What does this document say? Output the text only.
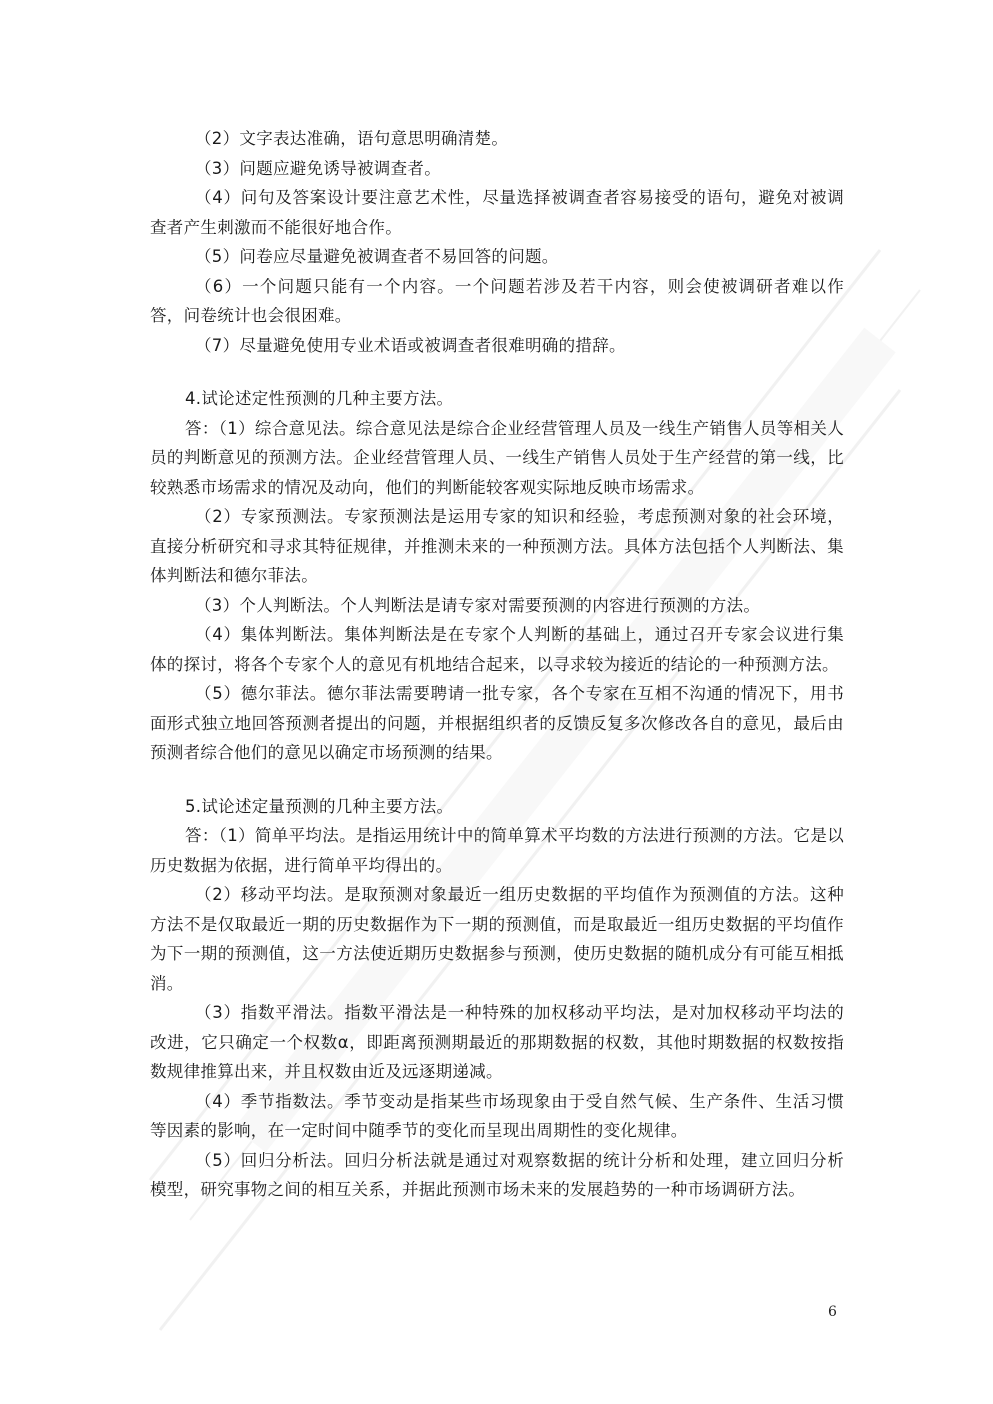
（2）文字表达准确，语句意思明确清楚。

（3）问题应避免诱导被调查者。

（4）问句及答案设计要注意艺术性，尽量选择被调查者容易接受的语句，避免对被调查者产生刺激而不能很好地合作。

（5）问卷应尽量避免被调查者不易回答的问题。

（6）一个问题只能有一个内容。一个问题若涉及若干内容，则会使被调研者难以作答，问卷统计也会很困难。

（7）尽量避免使用专业术语或被调查者很难明确的措辞。

4.试论述定性预测的几种主要方法。

答：（1）综合意见法。综合意见法是综合企业经营管理人员及一线生产销售人员等相关人员的判断意见的预测方法。企业经营管理人员、一线生产销售人员处于生产经营的第一线，比较熟悉市场需求的情况及动向，他们的判断能较客观实际地反映市场需求。

（2）专家预测法。专家预测法是运用专家的知识和经验，考虑预测对象的社会环境，直接分析研究和寻求其特征规律，并推测未来的一种预测方法。具体方法包括个人判断法、集体判断法和德尔菲法。

（3）个人判断法。个人判断法是请专家对需要预测的内容进行预测的方法。

（4）集体判断法。集体判断法是在专家个人判断的基础上，通过召开专家会议进行集体的探讨，将各个专家个人的意见有机地结合起来，以寻求较为接近的结论的一种预测方法。

（5）德尔菲法。德尔菲法需要聘请一批专家，各个专家在互相不沟通的情况下，用书面形式独立地回答预测者提出的问题，并根据组织者的反馈反复多次修改各自的意见，最后由预测者综合他们的意见以确定市场预测的结果。

5.试论述定量预测的几种主要方法。

答：（1）简单平均法。是指运用统计中的简单算术平均数的方法进行预测的方法。它是以历史数据为依据，进行简单平均得出的。

（2）移动平均法。是取预测对象最近一组历史数据的平均值作为预测值的方法。这种方法不是仅取最近一期的历史数据作为下一期的预测值，而是取最近一组历史数据的平均值作为下一期的预测值，这一方法使近期历史数据参与预测，使历史数据的随机成分有可能互相抵消。

（3）指数平滑法。指数平滑法是一种特殊的加权移动平均法，是对加权移动平均法的改进，它只确定一个权数α，即距离预测期最近的那期数据的权数，其他时期数据的权数按指数规律推算出来，并且权数由近及远逐期递减。

（4）季节指数法。季节变动是指某些市场现象由于受自然气候、生产条件、生活习惯等因素的影响，在一定时间中随季节的变化而呈现出周期性的变化规律。

（5）回归分析法。回归分析法就是通过对观察数据的统计分析和处理，建立回归分析模型，研究事物之间的相互关系，并据此预测市场未来的发展趋势的一种市场调研方法。

6
